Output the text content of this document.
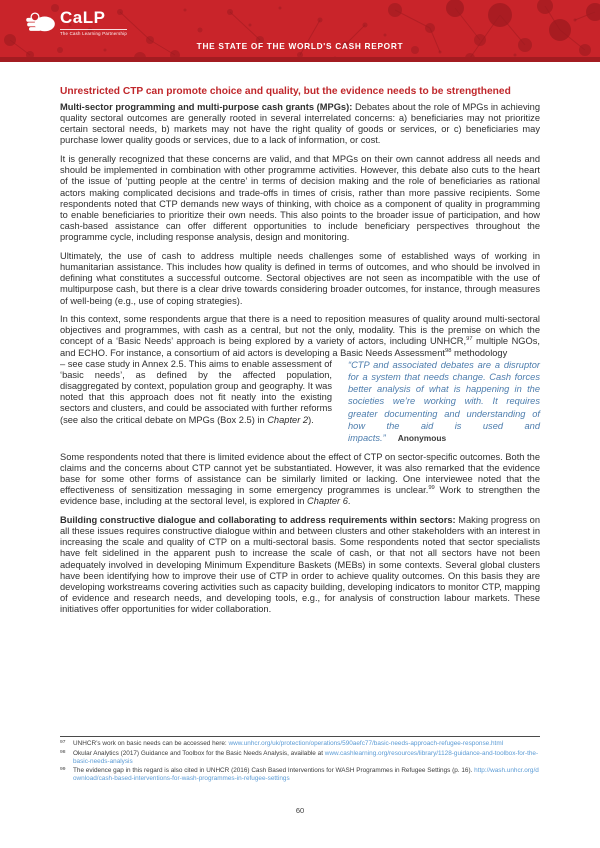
CaLP
The Cash Learning Partnership
THE STATE OF THE WORLD'S CASH REPORT
Unrestricted CTP can promote choice and quality, but the evidence needs to be strengthened

Multi-sector programming and multi-purpose cash grants (MPGs): Debates about the role of MPGs in achieving quality sectoral outcomes are generally rooted in several interrelated concerns: a) beneficiaries may not prioritize certain sectoral needs, b) markets may not have the right quality of goods or services, or c) beneficiaries may purchase lower quality goods or services, due to a lack of information, or cost.

It is generally recognized that these concerns are valid, and that MPGs on their own cannot address all needs and should be implemented in combination with other programme activities. However, this debate also cuts to the heart of the issue of ‘putting people at the centre’ in terms of decision making and the role of beneficiaries as rational actors making complicated decisions and trade-offs in times of crisis, rather than more passive recipients. Some respondents noted that CTP demands new ways of thinking, with choice as a component of quality in programming to enable beneficiaries to prioritize their own needs. This also points to the broader issue of participation, and how cash-based assistance can offer different opportunities to include beneficiary perspectives throughout the programme cycle, including response analysis, design and monitoring.

Ultimately, the use of cash to address multiple needs challenges some of established ways of working in humanitarian assistance. This includes how quality is defined in terms of outcomes, and who should be involved in defining what constitutes a successful outcome. Sectoral objectives are not seen as incompatible with the use of multipurpose cash, but there is a clear drive towards considering broader outcomes, for instance, through measures of well-being (e.g., use of coping strategies).

In this context, some respondents argue that there is a need to reposition measures of quality around multi-sectoral objectives and programmes, with cash as a central, but not the only, modality. This is the premise on which the concept of a ‘Basic Needs’ approach is being explored by a variety of actors, including UNHCR,$^{97}$ multiple NGOs, and ECHO. For instance, a consortium of aid actors is developing a Basic Needs Assessment$^{98}$ methodology

– see case study in Annex 2.5. This aims to enable assessment of ‘basic needs’, as defined by the affected population, disaggregated by context, population group and geography. It was noted that this approach does not fit neatly into the existing sectors and clusters, and could be associated with further reforms (see also the critical debate on MPGs (Box 2.5) in Chapter 2).
“CTP and associated debates are a disruptor for a system that needs change. Cash forces better analysis of what is happening in the societies we’re working with. It requires greater documenting and understanding of how the aid is used and impacts.” Anonymous

Some respondents noted that there is limited evidence about the effect of CTP on sector-specific outcomes. Both the claims and the concerns about CTP cannot yet be substantiated. However, it was also remarked that the evidence base for some other forms of assistance can be similarly limited or lacking. One interviewee noted that the effectiveness of sensitization messaging in some emergency programmes is unclear.$^{99}$ Work to strengthen the evidence base, including at the sectoral level, is explored in Chapter 6.

Building constructive dialogue and collaborating to address requirements within sectors: Making progress on all these issues requires constructive dialogue within and between clusters and other stakeholders with an interest in increasing the scale and quality of CTP on a multi-sectoral basis. Some respondents noted that sector specialists have felt sidelined in the apparent push to increase the scale of cash, or that not all sectors have not been adequately involved in developing Minimum Expenditure Baskets (MEBs) in some contexts. Several global clusters have been identifying how to improve their use of CTP in order to achieve quality outcomes. On this basis they are developing workstreams covering activities such as capacity building, developing indicators to monitor CTP, mapping of evidence and research needs, and developing tools, e.g., for analysis of construction labour markets. These initiatives offer opportunities for wider collaboration.

97 UNHCR’s work on basic needs can be accessed here: www.unhcr.org/uk/protection/operations/590aefc77/basic-needs-approach-refugee-response.html
98 Okular Analytics (2017) Guidance and Toolbox for the Basic Needs Analysis, available at www.cashlearning.org/resources/library/1128-guidance-and-toolbox-for-the-basic-needs-analysis
99 The evidence gap in this regard is also cited in UNHCR (2016) Cash Based Interventions for WASH Programmes in Refugee Settings (p. 16). http://wash.unhcr.org/download/cash-based-interventions-for-wash-programmes-in-refugee-settings
60
